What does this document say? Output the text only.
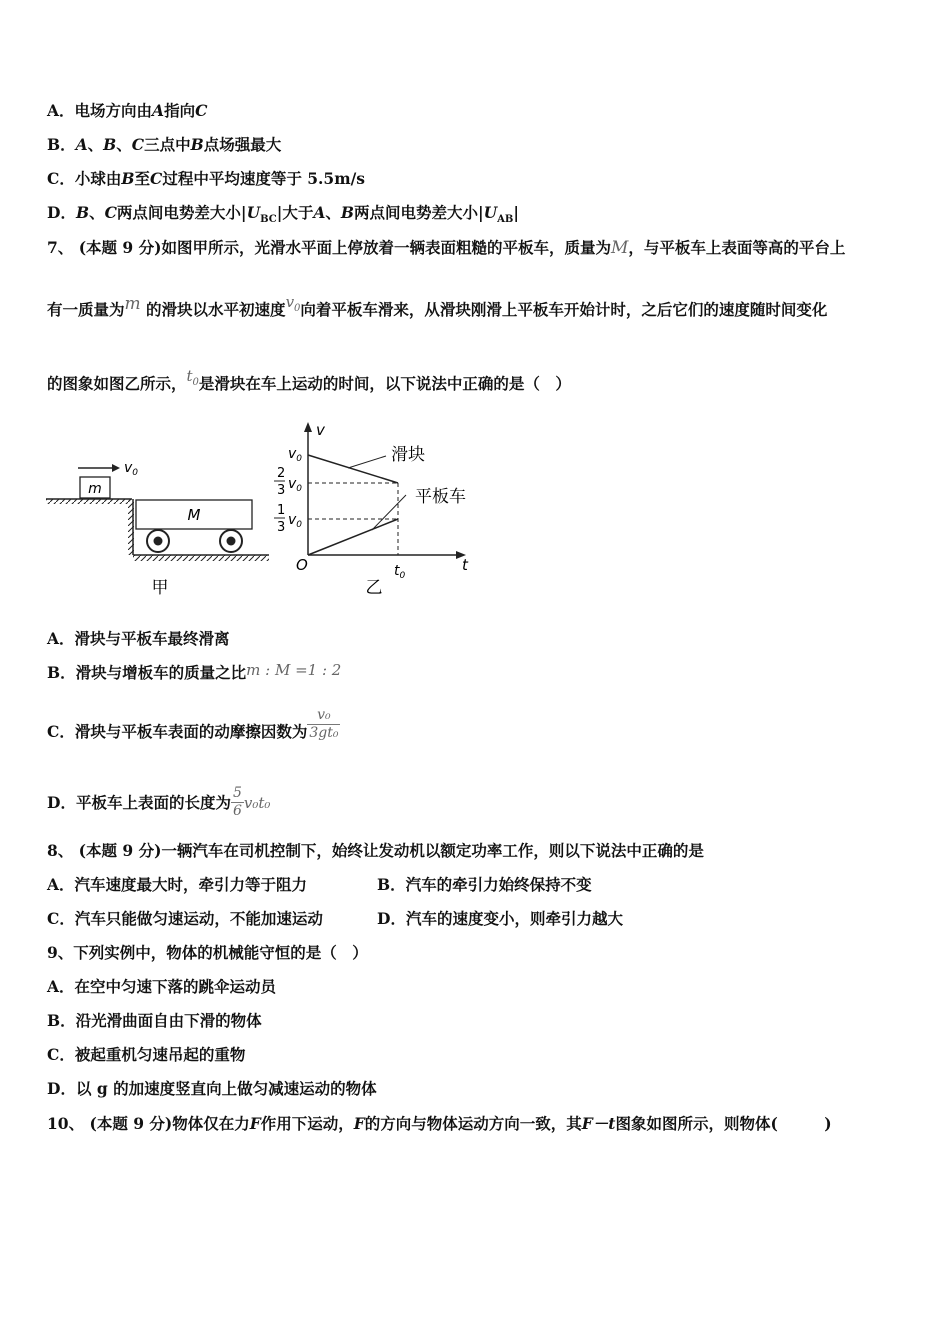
A．电场方向由A指向C
B．A、B、C三点中B点场强最大
C．小球由B至C过程中平均速度等于 5.5m/s
D．B、C两点间电势差大小$|U_{BC}|$大于A、B两点间电势差大小$|U_{AB}|$
7、 (本题 9 分)如图甲所示，光滑水平面上停放着一辆表面粗糙的平板车，质量为M，与平板车上表面等高的平台上
有一质量为m 的滑块以水平初速度$v_0$向着平板车滑来，从滑块刚滑上平板车开始计时，之后它们的速度随时间变化
的图象如图乙所示，$t_0$是滑块在车上运动的时间，以下说法中正确的是（　）
$v_0$
m
M
甲
v
t
O
$v_0$
2
3 $v_0$
1
3 $v_0$
滑块
平板车
$t_0$
乙
A．滑块与平板车最终滑离
B．滑块与增板车的质量之比m : M =1 : 2
C．滑块与平板车表面的动摩擦因数为 $\frac{\text{v₀}}{\text{3gt₀}}$
D．平板车上表面的长度为 $\frac{5}{6} v_0t_0$
8、 (本题 9 分)一辆汽车在司机控制下，始终让发动机以额定功率工作，则以下说法中正确的是
A．汽车速度最大时，牵引力等于阻力	B．汽车的牵引力始终保持不变
C．汽车只能做匀速运动，不能加速运动	D．汽车的速度变小，则牵引力越大
9、下列实例中，物体的机械能守恒的是（　）
A．在空中匀速下落的跳伞运动员
B．沿光滑曲面自由下滑的物体
C．被起重机匀速吊起的重物
D．以 g 的加速度竖直向上做匀减速运动的物体
10、 (本题 9 分)物体仅在力F作用下运动，F的方向与物体运动方向一致，其F－t图象如图所示，则物体(　　　)
